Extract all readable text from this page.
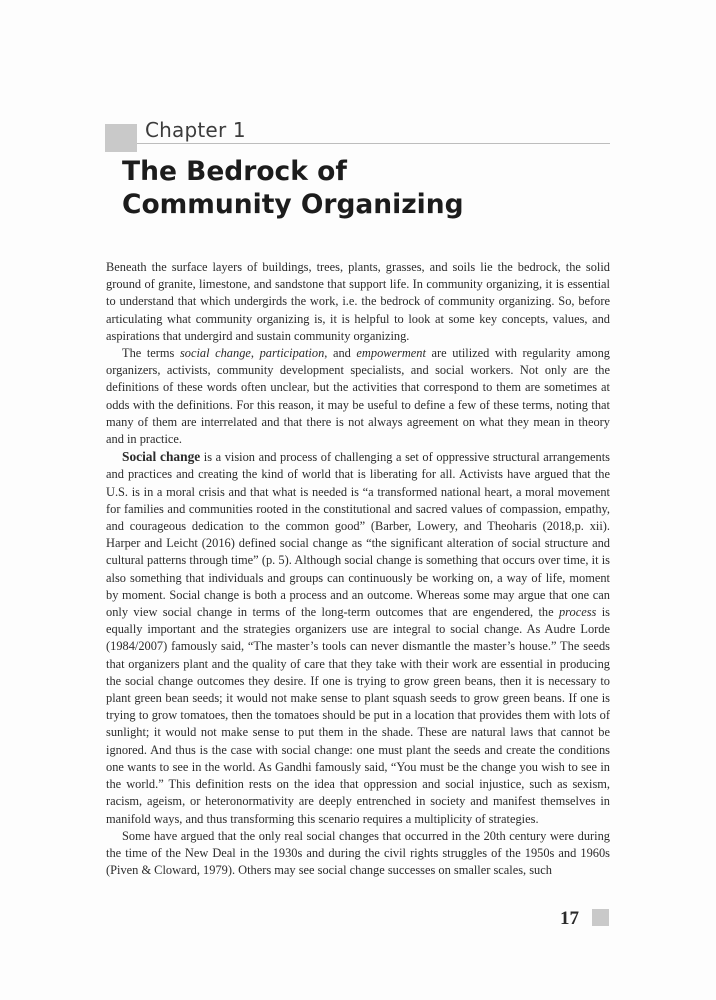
Chapter 1
The Bedrock of
Community Organizing

Beneath the surface layers of buildings, trees, plants, grasses, and soils lie the bedrock, the solid ground of granite, limestone, and sandstone that support life. In community organizing, it is essential to understand that which undergirds the work, i.e. the bedrock of community organizing. So, before articulating what community organizing is, it is helpful to look at some key concepts, values, and aspirations that undergird and sustain community organizing.

The terms social change, participation, and empowerment are utilized with regularity among organizers, activists, community development specialists, and social workers. Not only are the definitions of these words often unclear, but the activities that correspond to them are sometimes at odds with the definitions. For this reason, it may be useful to define a few of these terms, noting that many of them are interrelated and that there is not always agreement on what they mean in theory and in practice.

Social change is a vision and process of challenging a set of oppressive structural arrangements and practices and creating the kind of world that is liberating for all. Activists have argued that the U.S. is in a moral crisis and that what is needed is “a transformed national heart, a moral movement for families and communities rooted in the constitutional and sacred values of compassion, empathy, and courageous dedication to the common good” (Barber, Lowery, and Theoharis (2018,p. xii). Harper and Leicht (2016) defined social change as “the significant alteration of social structure and cultural patterns through time” (p. 5). Although social change is something that occurs over time, it is also something that individuals and groups can continuously be working on, a way of life, moment by moment. Social change is both a process and an outcome. Whereas some may argue that one can only view social change in terms of the long-term outcomes that are engendered, the process is equally important and the strategies organizers use are integral to social change. As Audre Lorde (1984/2007) famously said, “The master’s tools can never dismantle the master’s house.” The seeds that organizers plant and the quality of care that they take with their work are essential in producing the social change outcomes they desire. If one is trying to grow green beans, then it is necessary to plant green bean seeds; it would not make sense to plant squash seeds to grow green beans. If one is trying to grow tomatoes, then the tomatoes should be put in a location that provides them with lots of sunlight; it would not make sense to put them in the shade. These are natural laws that cannot be ignored. And thus is the case with social change: one must plant the seeds and create the conditions one wants to see in the world. As Gandhi famously said, “You must be the change you wish to see in the world.” This definition rests on the idea that oppression and social injustice, such as sexism, racism, ageism, or heteronormativity are deeply entrenched in society and manifest themselves in manifold ways, and thus transforming this scenario requires a multiplicity of strategies.

Some have argued that the only real social changes that occurred in the 20th century were during the time of the New Deal in the 1930s and during the civil rights struggles of the 1950s and 1960s (Piven & Cloward, 1979). Others may see social change successes on smaller scales, such

17
